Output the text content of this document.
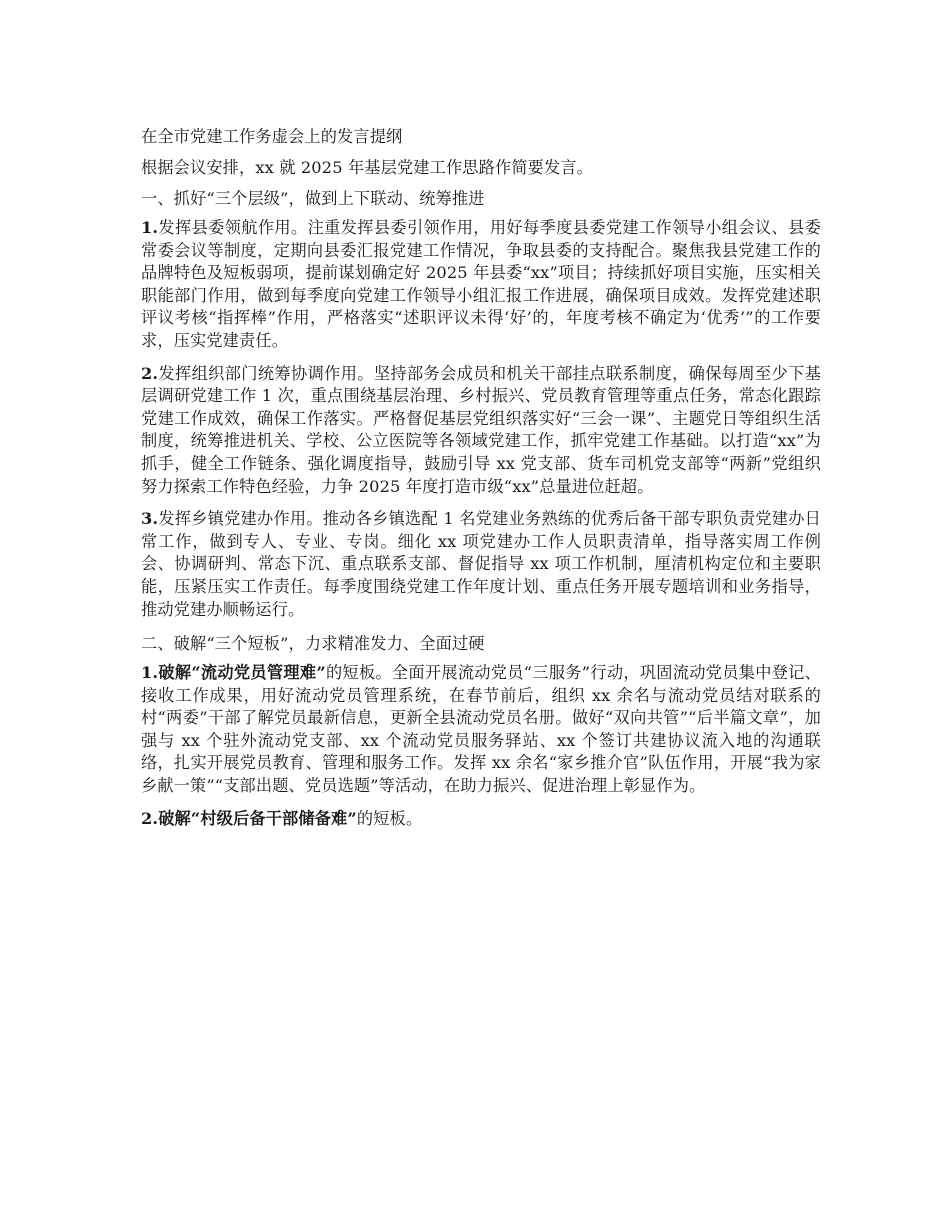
在全市党建工作务虚会上的发言提纲

根据会议安排，xx 就 2025 年基层党建工作思路作简要发言。

一、抓好“三个层级”，做到上下联动、统筹推进

1.发挥县委领航作用。注重发挥县委引领作用，用好每季度县委党建工作领导小组会议、县委常委会议等制度，定期向县委汇报党建工作情况，争取县委的支持配合。聚焦我县党建工作的品牌特色及短板弱项，提前谋划确定好 2025 年县委“xx”项目；持续抓好项目实施，压实相关职能部门作用，做到每季度向党建工作领导小组汇报工作进展，确保项目成效。发挥党建述职评议考核“指挥棒”作用，严格落实“述职评议未得‘好’的，年度考核不确定为‘优秀’”的工作要求，压实党建责任。

2.发挥组织部门统筹协调作用。坚持部务会成员和机关干部挂点联系制度，确保每周至少下基层调研党建工作 1 次，重点围绕基层治理、乡村振兴、党员教育管理等重点任务，常态化跟踪党建工作成效，确保工作落实。严格督促基层党组织落实好“三会一课”、主题党日等组织生活制度，统筹推进机关、学校、公立医院等各领域党建工作，抓牢党建工作基础。以打造“xx”为抓手，健全工作链条、强化调度指导，鼓励引导 xx 党支部、货车司机党支部等“两新”党组织努力探索工作特色经验，力争 2025 年度打造市级“xx”总量进位赶超。

3.发挥乡镇党建办作用。推动各乡镇选配 1 名党建业务熟练的优秀后备干部专职负责党建办日常工作，做到专人、专业、专岗。细化 xx 项党建办工作人员职责清单，指导落实周工作例会、协调研判、常态下沉、重点联系支部、督促指导 xx 项工作机制，厘清机构定位和主要职能，压紧压实工作责任。每季度围绕党建工作年度计划、重点任务开展专题培训和业务指导，推动党建办顺畅运行。

二、破解“三个短板”，力求精准发力、全面过硬

1.破解“流动党员管理难”的短板。全面开展流动党员“三服务”行动，巩固流动党员集中登记、接收工作成果，用好流动党员管理系统，在春节前后，组织 xx 余名与流动党员结对联系的村“两委”干部了解党员最新信息，更新全县流动党员名册。做好“双向共管”“后半篇文章”，加强与 xx 个驻外流动党支部、xx 个流动党员服务驿站、xx 个签订共建协议流入地的沟通联络，扎实开展党员教育、管理和服务工作。发挥 xx 余名“家乡推介官”队伍作用，开展“我为家乡献一策”“支部出题、党员选题”等活动，在助力振兴、促进治理上彰显作为。

2.破解“村级后备干部储备难”的短板。
